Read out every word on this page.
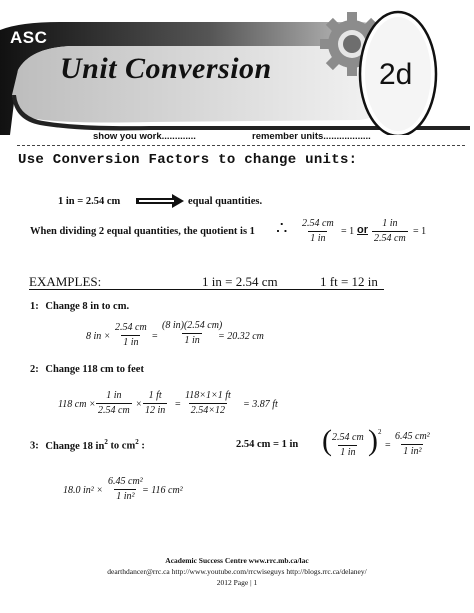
ASC
Unit Conversion	2d
show you work.............	remember units..................
Use Conversion Factors to change units:
1 in = 2.54 cm	equal quantities.
When dividing 2 equal quantities, the quotient is 1 ∴ $\frac{2.54 cm}{1 in} = 1$ or $\frac{1 in}{2.54 cm} = 1$
EXAMPLES:	1 in = 2.54 cm	1 ft = 12 in
1: Change 8 in to cm.
8 in × $\frac{2.54 cm}{1 in} = \frac{(8 in)(2.54 cm)}{1 in}$
= 20.32 cm
2: Change 118 cm to feet
118 cm × $\frac{1 in}{2.54 cm} \times \frac{1 ft}{12 in} = \frac{118\times 1\times 1 ft}{2.54\times 12} = 3.87$ ft
3: Change 18 $in^2$ to $cm^2$ :	2.54 cm = 1 in (
$\frac{2.54 cm}{1 in}$ ) 2
= $\frac{\text{6.45 cm²}}{\text{1 in²}}$
18.0 $in^2 \times \frac{\text{6.45 cm²}}{\text{1 in²}}$
= 116 cm²
Academic Success Centre www.rrc.mb.ca/lac
dearthdancer@rrc.ca http://www.youtube.com/rrcwiseguys http://blogs.rrc.ca/delaney/
2012 Page | 1
